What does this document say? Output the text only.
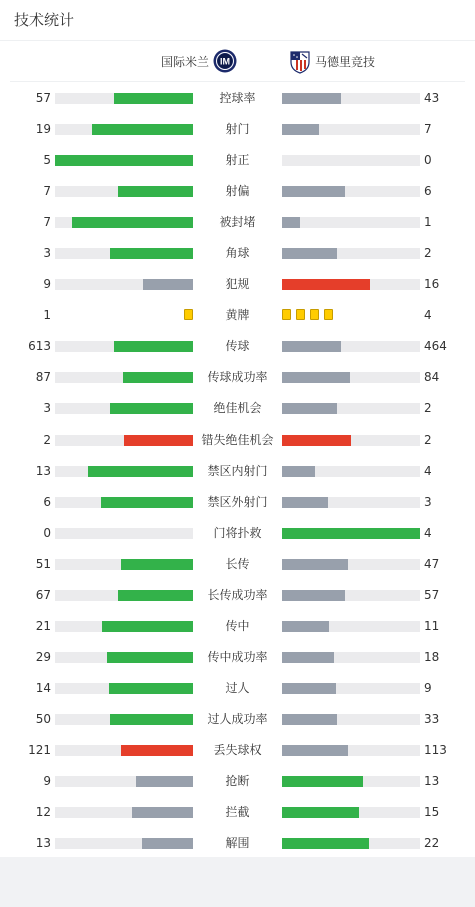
技术统计
国际米兰 IM	马德里竞技
57	控球率	43
19	射门	7
5	射正	0
7	射偏	6
7	被封堵	1
3	角球	2
9	犯规	16
1	黄牌	4
613	传球	464
87	传球成功率	84
3	绝佳机会	2
2	错失绝佳机会	2
13	禁区内射门	4
6	禁区外射门	3
0	门将扑救	4
51	长传	47
67	长传成功率	57
21	传中	11
29	传中成功率	18
14	过人	9
50	过人成功率	33
121	丢失球权	113
9	抢断	13
12	拦截	15
13	解围	22
